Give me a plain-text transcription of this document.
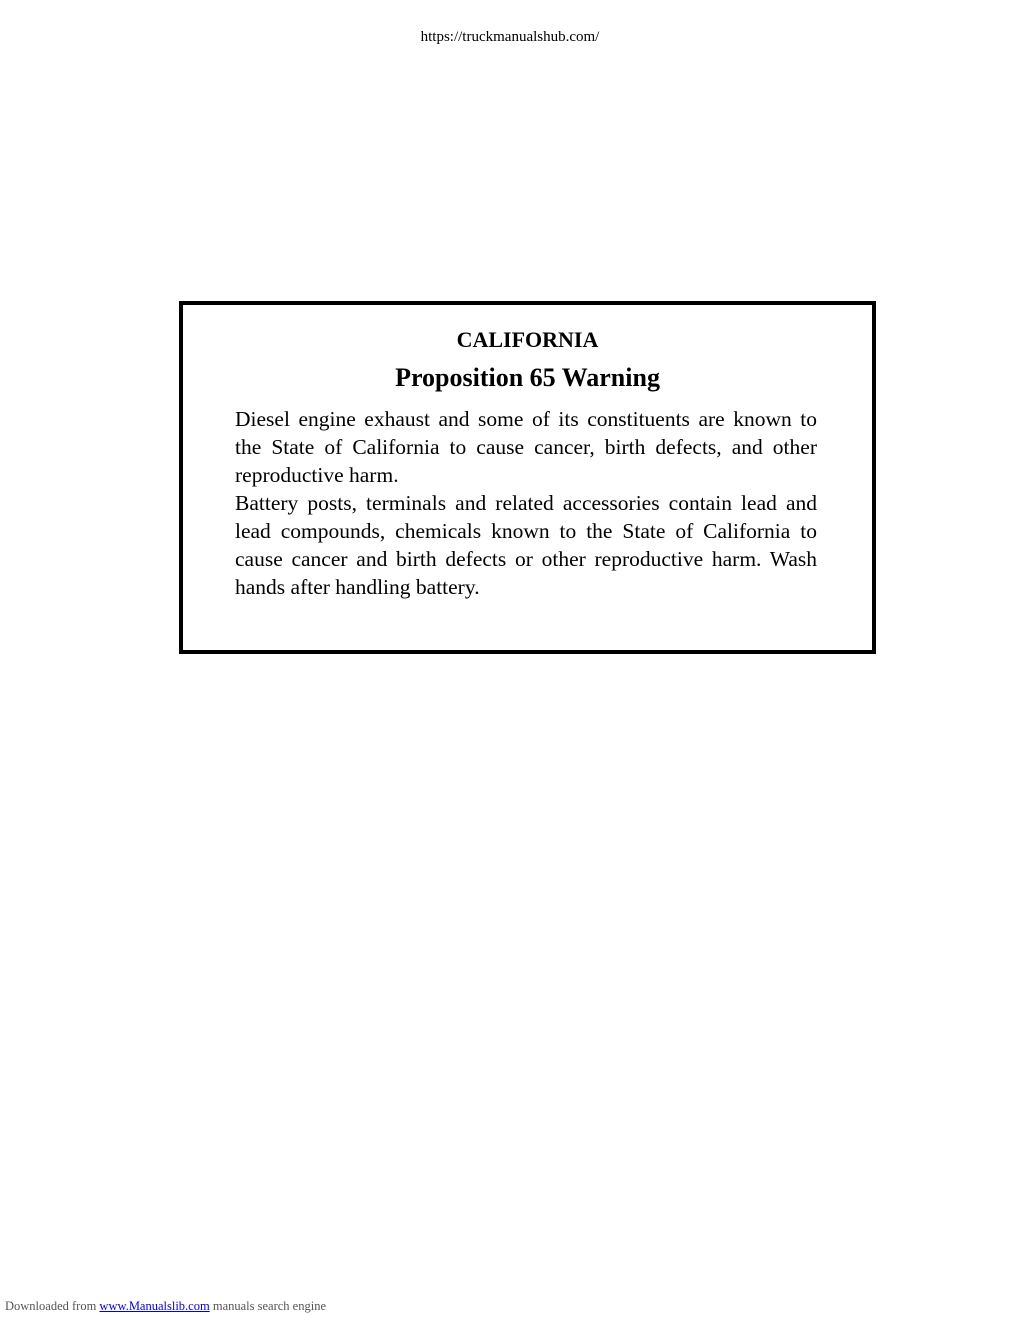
https://truckmanualshub.com/
CALIFORNIA
Proposition 65 Warning

Diesel engine exhaust and some of its constituents are known to the State of California to cause cancer, birth defects, and other reproductive harm.

Battery posts, terminals and related accessories contain lead and lead compounds, chemicals known to the State of California to cause cancer and birth defects or other reproductive harm. Wash hands after handling battery.

Downloaded from www.Manualslib.com manuals search engine
